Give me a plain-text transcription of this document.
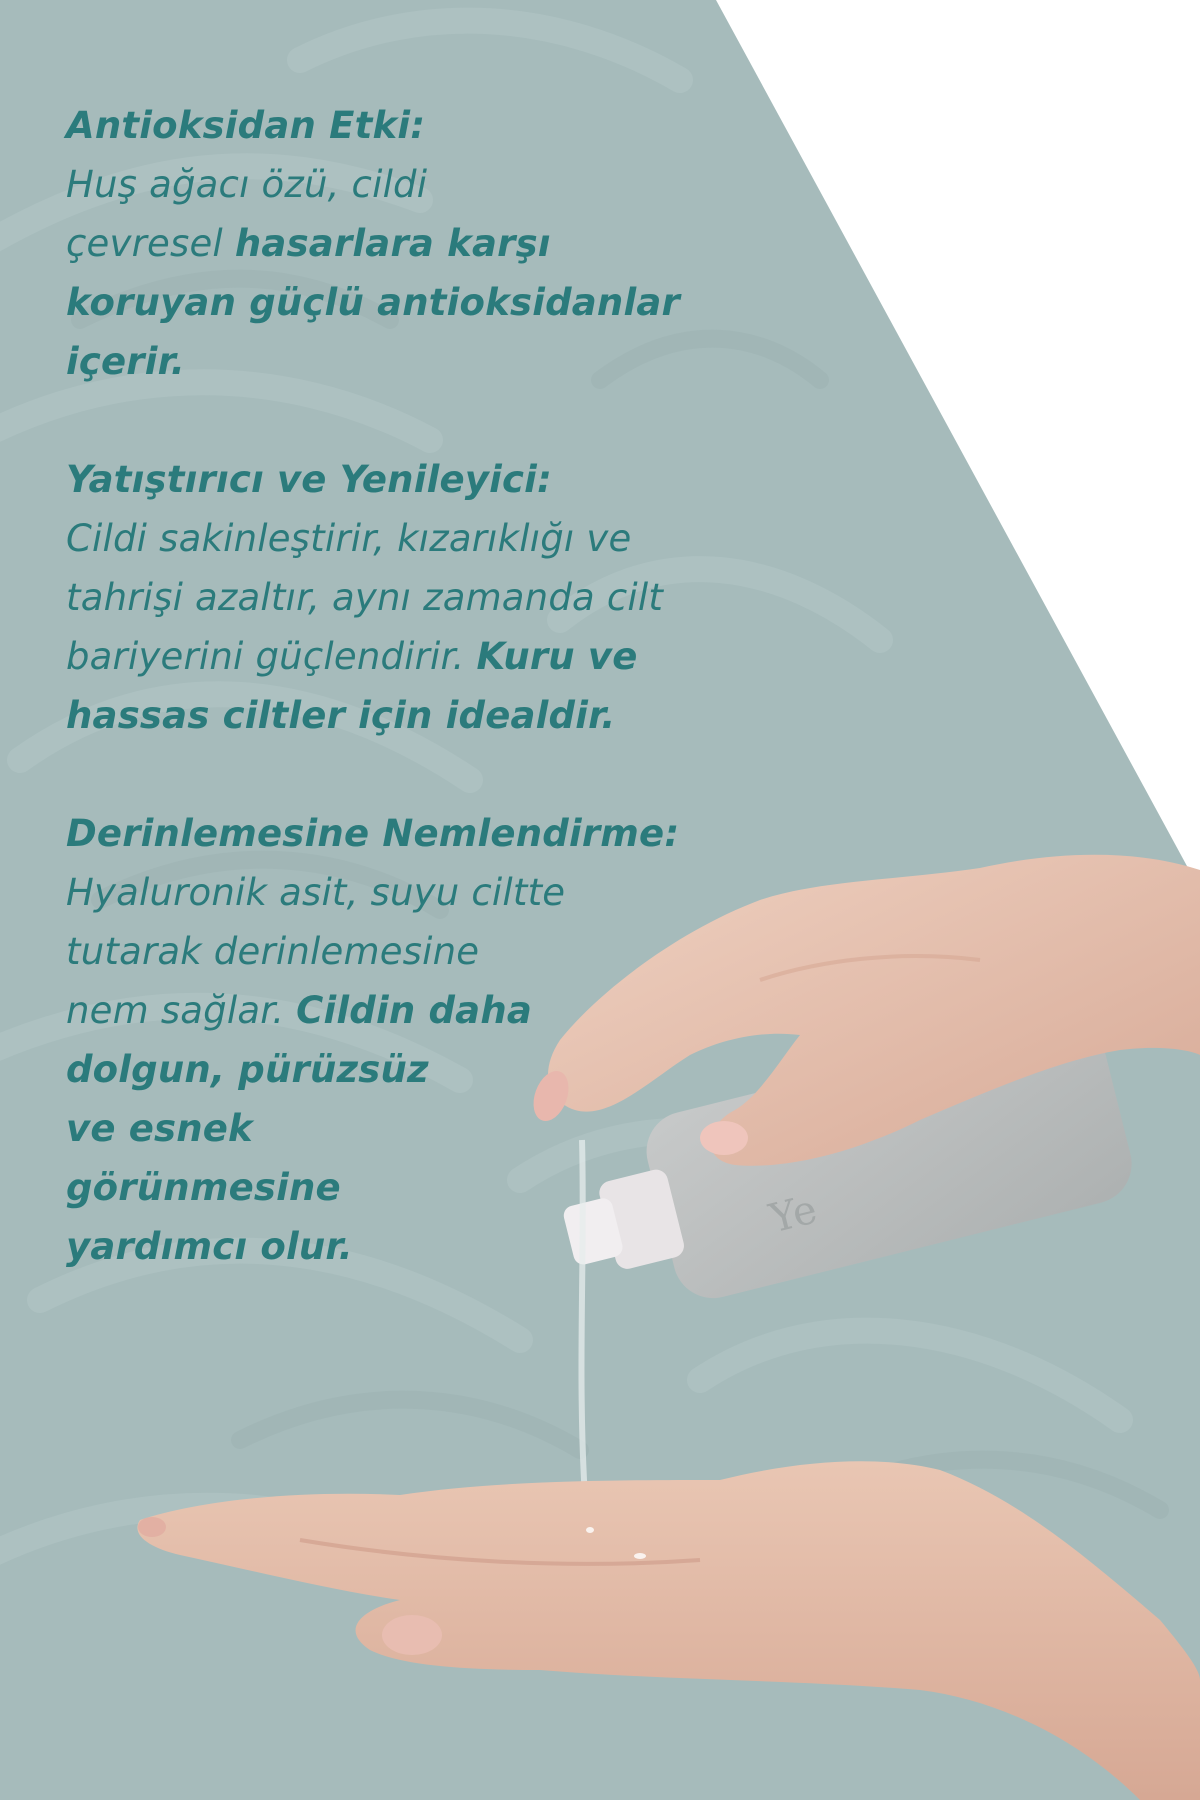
Ye
Antioksidan Etki:
Huş ağacı özü, cildi
çevresel hasarlara karşı
koruyan güçlü antioksidanlar
içerir.
Yatıştırıcı ve Yenileyici:
Cildi sakinleştirir, kızarıklığı ve
tahrişi azaltır, aynı zamanda cilt
bariyerini güçlendirir. Kuru ve
hassas ciltler için idealdir.
Derinlemesine Nemlendirme:
Hyaluronik asit, suyu ciltte
tutarak derinlemesine
nem sağlar. Cildin daha
dolgun, pürüzsüz
ve esnek
görünmesine
yardımcı olur.
